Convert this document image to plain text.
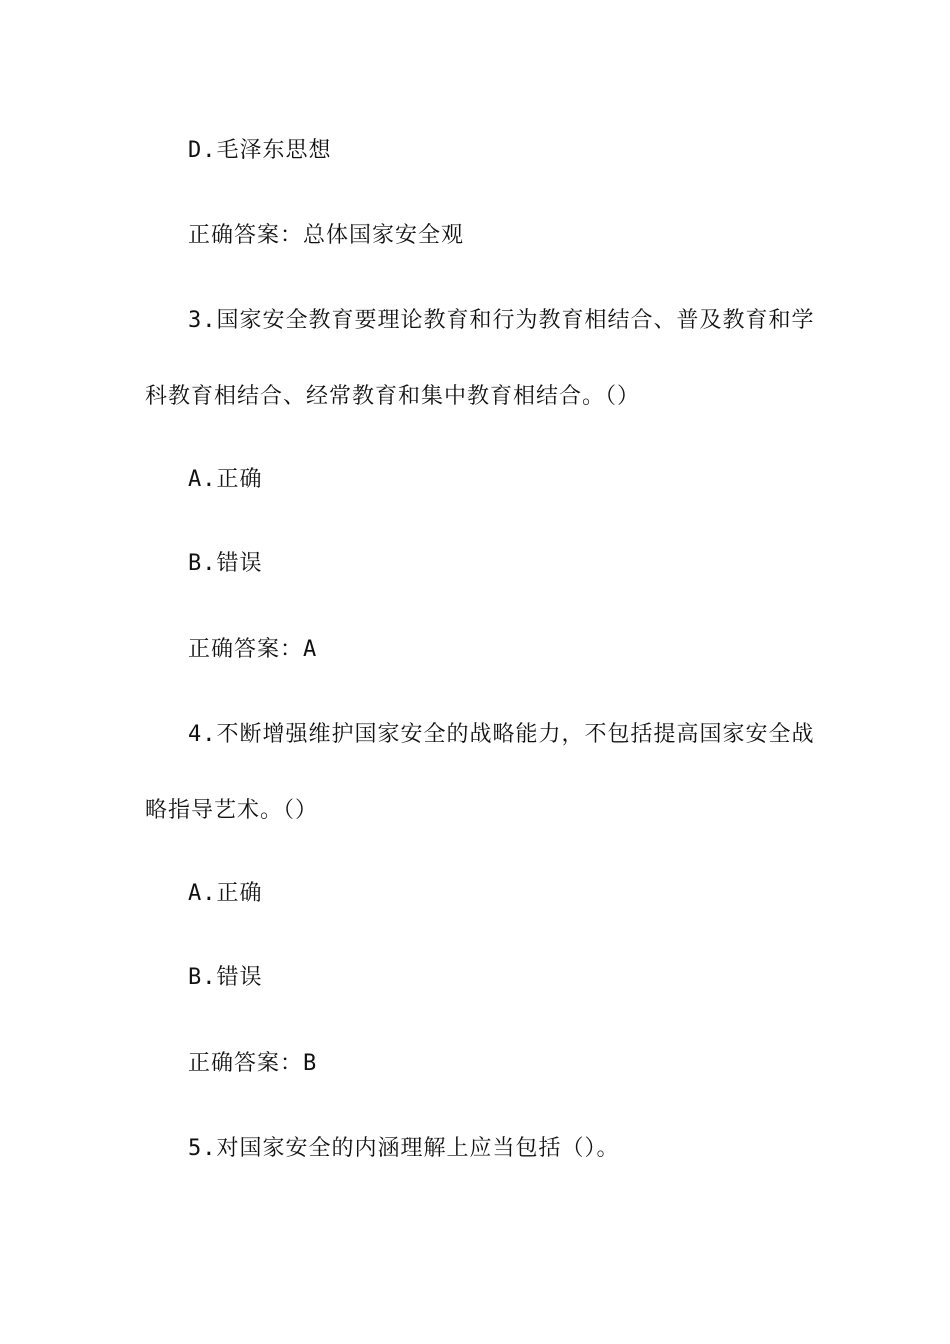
D.毛泽东思想
正确答案：总体国家安全观
3.国家安全教育要理论教育和行为教育相结合、普及教育和学
科教育相结合、经常教育和集中教育相结合。（）
A.正确
B.错误
正确答案：A
4.不断增强维护国家安全的战略能力，不包括提高国家安全战
略指导艺术。（）
A.正确
B.错误
正确答案：B
5.对国家安全的内涵理解上应当包括（）。
